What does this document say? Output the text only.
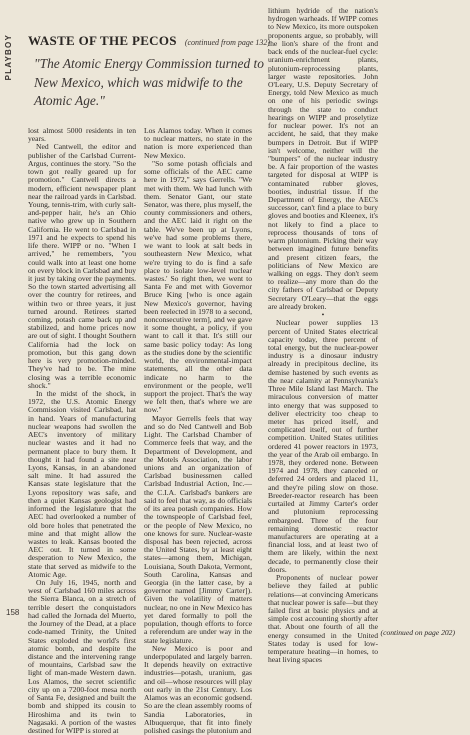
PLAYBOY WASTE OF THE PECOS (continued from page 132)
"The Atomic Energy Commission turned to New Mexico, which was midwife to the Atomic Age."

lost almost 5000 residents in ten years.

Ned Cantwell, the editor and publisher of the Carlsbad Current-Argus, continues the story. "So the town got really geared up for promotion." Cantwell directs a modern, efficient newspaper plant near the railroad yards in Carlsbad. Young, tennis-trim, with curly salt-and-pepper hair, he's an Ohio native who grew up in Southern California. He went to Carlsbad in 1971 and he expects to spend his life there. WIPP or no. "When I arrived," he remembers, "you could walk into at least one home on every block in Carlsbad and buy it just by taking over the payments. So the town started advertising all over the country for retirees, and within two or three years, it just turned around. Retirees started coming, potash came back up and stabilized, and home prices now are out of sight. I thought Southern California had the lock on promotion, but this gang down here is very promotion-minded. They've had to be. The mine closing was a terrible economic shock."

In the midst of the shock, in 1972, the U.S. Atomic Energy Commission visited Carlsbad, hat in hand. Years of manufacturing nuclear weapons had swollen the AEC's inventory of military nuclear wastes and it had no permanent place to bury them. It thought it had found a site near Lyons, Kansas, in an abandoned salt mine. It had assured the Kansas state legislature that the Lyons repository was safe, and then a quiet Kansas geologist had informed the legislature that the AEC had overlooked a number of old bore holes that penetrated the mine and that might allow the wastes to leak. Kansas booted the AEC out. It turned in some desperation to New Mexico, the state that served as midwife to the Atomic Age.

On July 16, 1945, north and west of Carlsbad 160 miles across the Sierra Blanca, on a stretch of terrible desert the conquistadors had called the Jornada del Muerto, the Journey of the Dead, at a place code-named Trinity, the United States exploded the world's first atomic bomb, and despite the distance and the intervening range of mountains, Carlsbad saw the light of man-made Western dawn. Los Alamos, the secret scientific city up on a 7200-foot mesa north of Santa Fe, designed and built the bomb and shipped its cousin to Hiroshima and its twin to Nagasaki. A portion of the wastes destined for WIPP is stored at

Los Alamos today. When it comes to nuclear matters, no state in the nation is more experienced than New Mexico.

"So some potash officials and some officials of the AEC came here in 1972," says Gerrells. "We met with them. We had lunch with them. Senator Gant, our state Senator, was there, plus myself, the county commissioners and others, and the AEC laid it right on the table. We've been up at Lyons, we've had some problems there, we want to look at salt beds in southeastern New Mexico, what we're trying to do is find a safe place to isolate low-level nuclear wastes.' So right then, we went to Santa Fe and met with Governor Bruce King [who is once again New Mexico's governor, having been reelected in 1978 to a second, nonconsecutive term], and we gave it some thought, a policy, if you want to call it that. It's still our same basic policy today: As long as the studies done by the scientific world, the environmental-impact statements, all the other data indicate no harm to the environment or the people, we'll support the project. That's the way we felt then, that's where we are now."

Mayor Gerrells feels that way and so do Ned Cantwell and Bob Light. The Carlsbad Chamber of Commerce feels that way, and the Department of Development, and the Motels Association, the labor unions and an organization of Carlsbad businessmen called Carlsbad Industrial Action, Inc.—the C.I.A. Carlsbad's bankers are said to feel that way, as do officials of its area potash companies. How the townspeople of Carlsbad feel, or the people of New Mexico, no one knows for sure. Nuclear-waste disposal has been rejected, across the United States, by at least eight states—among them, Michigan, Louisiana, South Dakota, Vermont, South Carolina, Kansas and Georgia (in the latter case, by a governor named [Jimmy Carter]). Given the volatility of matters nuclear, no one in New Mexico has yet dared formally to poll the population, though efforts to force a referendum are under way in the state legislature.

New Mexico is poor and underpopulated and largely barren. It depends heavily on extractive industries—potash, uranium, gas and oil—whose resources will play out early in the 21st Century. Los Alamos was an economic godsend. So are the clean assembly rooms of Sandia Laboratories, in Albuquerque, that fit into finely polished casings the plutonium and

lithium hydride of the nation's hydrogen warheads. If WIPP comes to New Mexico, its more outspoken proponents argue, so probably, will the lion's share of the front and back ends of the nuclear-fuel cycle: uranium-enrichment plants, plutonium-reprocessing plants, larger waste repositories. John O'Leary, U.S. Deputy Secretary of Energy, told New Mexico as much on one of his periodic swings through the state to conduct hearings on WIPP and proselytize for nuclear power. It's not an accident, he said, that they make bumpers in Detroit. But if WIPP isn't welcome, neither will the "bumpers" of the nuclear industry be. A fair proportion of the wastes targeted for disposal at WIPP is contaminated rubber gloves, booties, industrial tissue. If the Department of Energy, the AEC's successor, can't find a place to bury gloves and booties and Kleenex, it's not likely to find a place to reprocess thousands of tons of warm plutonium. Picking their way between imagined future benefits and present citizen fears, the politicians of New Mexico are walking on eggs. They don't seem to realize—any more than do the city fathers of Carlsbad or Deputy Secretary O'Leary—that the eggs are already broken.

•

Nuclear power supplies 13 percent of United States electrical capacity today, three percent of total energy, but the nuclear-power industry is a dinosaur industry already in precipitous decline, its demise hastened by such events as the near calamity at Pennsylvania's Three Mile Island last March. The miraculous conversion of matter into energy that was supposed to deliver electricity too cheap to meter has priced itself, and complicated itself, out of further competition. United States utilities ordered 41 power reactors in 1973, the year of the Arab oil embargo. In 1978, they ordered none. Between 1974 and 1978, they canceled or deferred 24 orders and placed 11, and they're piling slow on those. Breeder-reactor research has been curtailed at Jimmy Carter's order and plutonium reprocessing embargoed. Three of the four remaining domestic reactor manufacturers are operating at a financial loss, and at least two of them are likely, within the next decade, to permanently close their doors.

Proponents of nuclear power believe they failed at public relations—at convincing Americans that nuclear power is safe—but they failed first at basic physics and at simple cost accounting shortly after that. About one fourth of all the energy consumed in the United States today is used for low-temperature heating—in homes, to heat living spaces

158
(continued on page 202)
